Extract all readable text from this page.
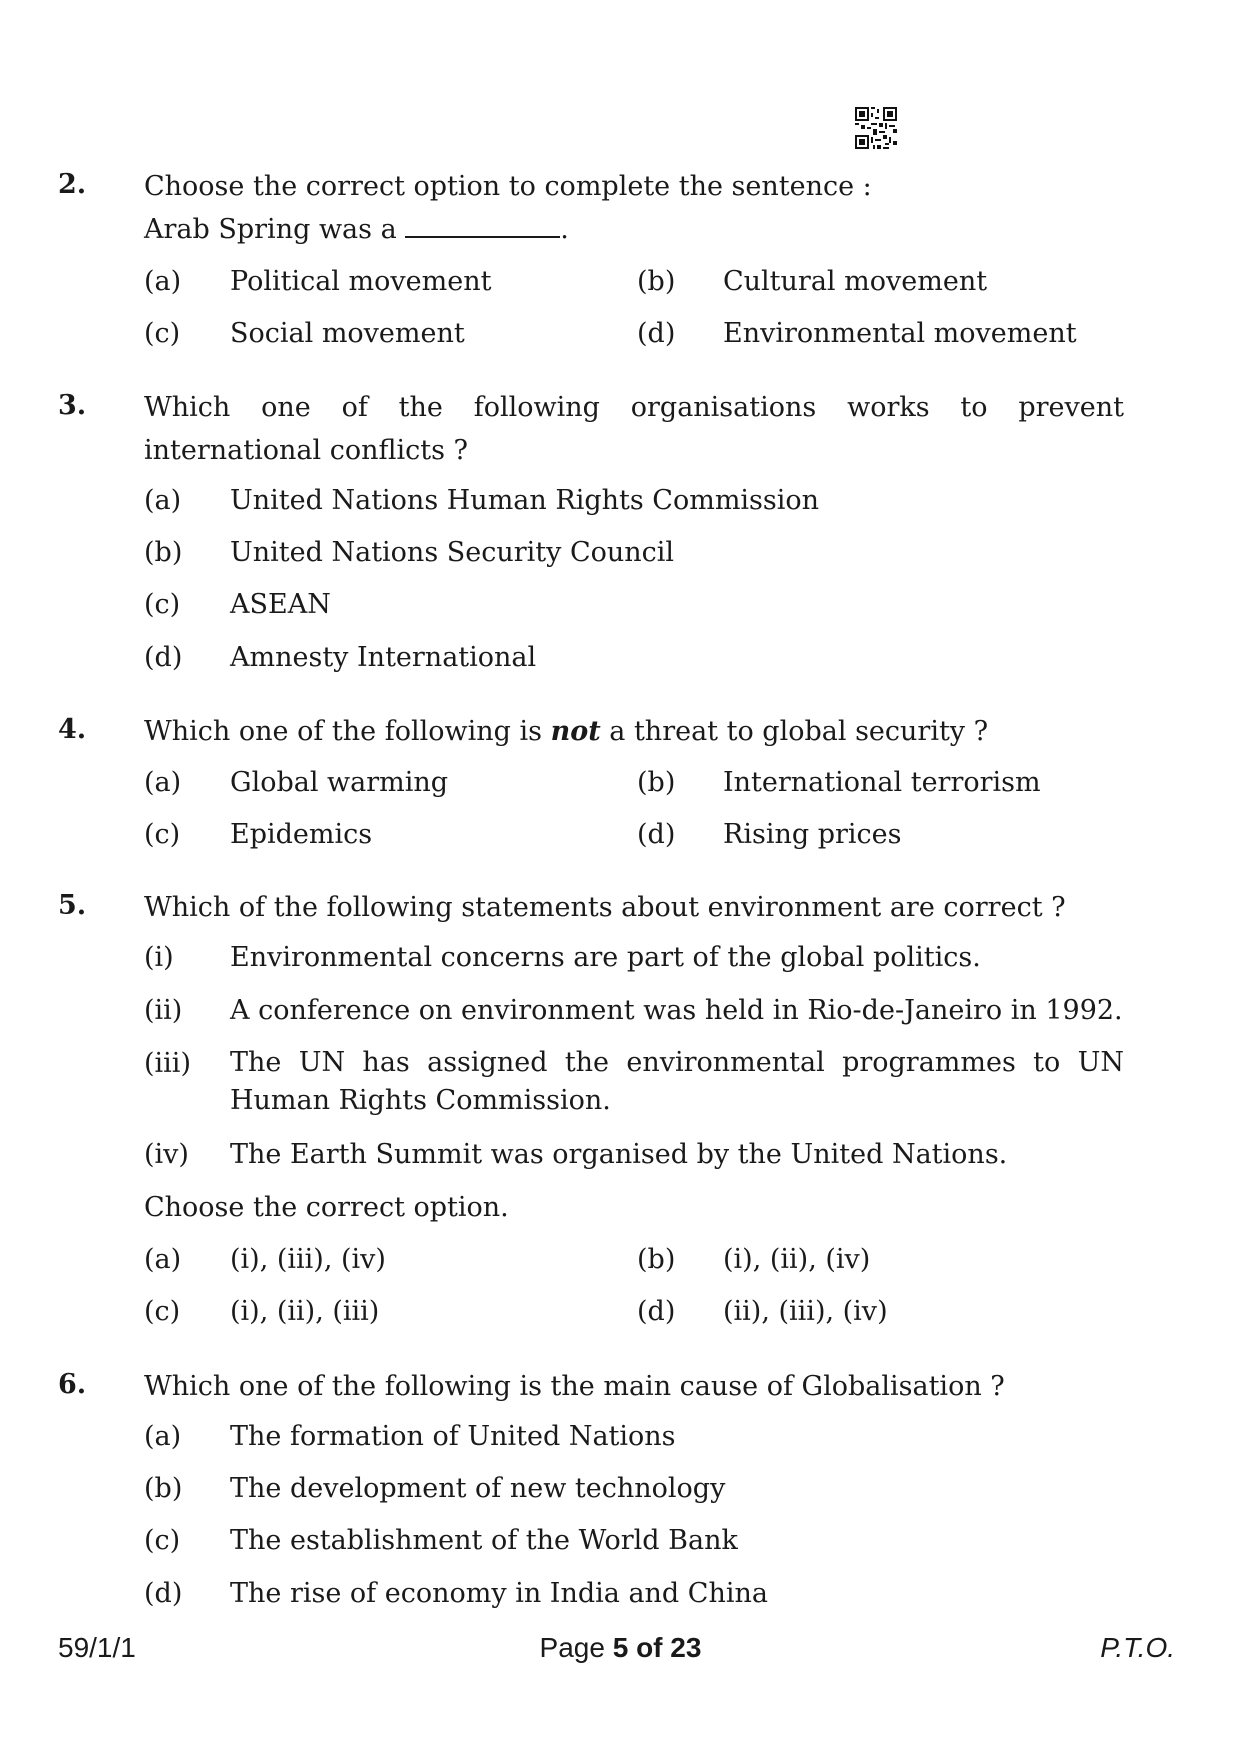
2. Choose the correct option to complete the sentence :
Arab Spring was a	.
(a) Political movement	(b) Cultural movement
(c) Social movement	(d) Environmental movement
3. Which one of the following organisations works to prevent international conflicts ?
(a) United Nations Human Rights Commission
(b) United Nations Security Council
(c) ASEAN
(d) Amnesty International
4. Which one of the following is not a threat to global security ?
(a) Global warming	(b) International terrorism
(c) Epidemics	(d) Rising prices
5. Which of the following statements about environment are correct ?
(i) Environmental concerns are part of the global politics.
(ii) A conference on environment was held in Rio-de-Janeiro in 1992.
(iii) The UN has assigned the environmental programmes to UN Human Rights Commission.
(iv) The Earth Summit was organised by the United Nations.
Choose the correct option.
(a) (i), (iii), (iv)	(b) (i), (ii), (iv)
(c) (i), (ii), (iii)	(d) (ii), (iii), (iv)
6. Which one of the following is the main cause of Globalisation ?
(a) The formation of United Nations
(b) The development of new technology
(c) The establishment of the World Bank
(d) The rise of economy in India and China
59/1/1	Page 5 of 23	P.T.O.
